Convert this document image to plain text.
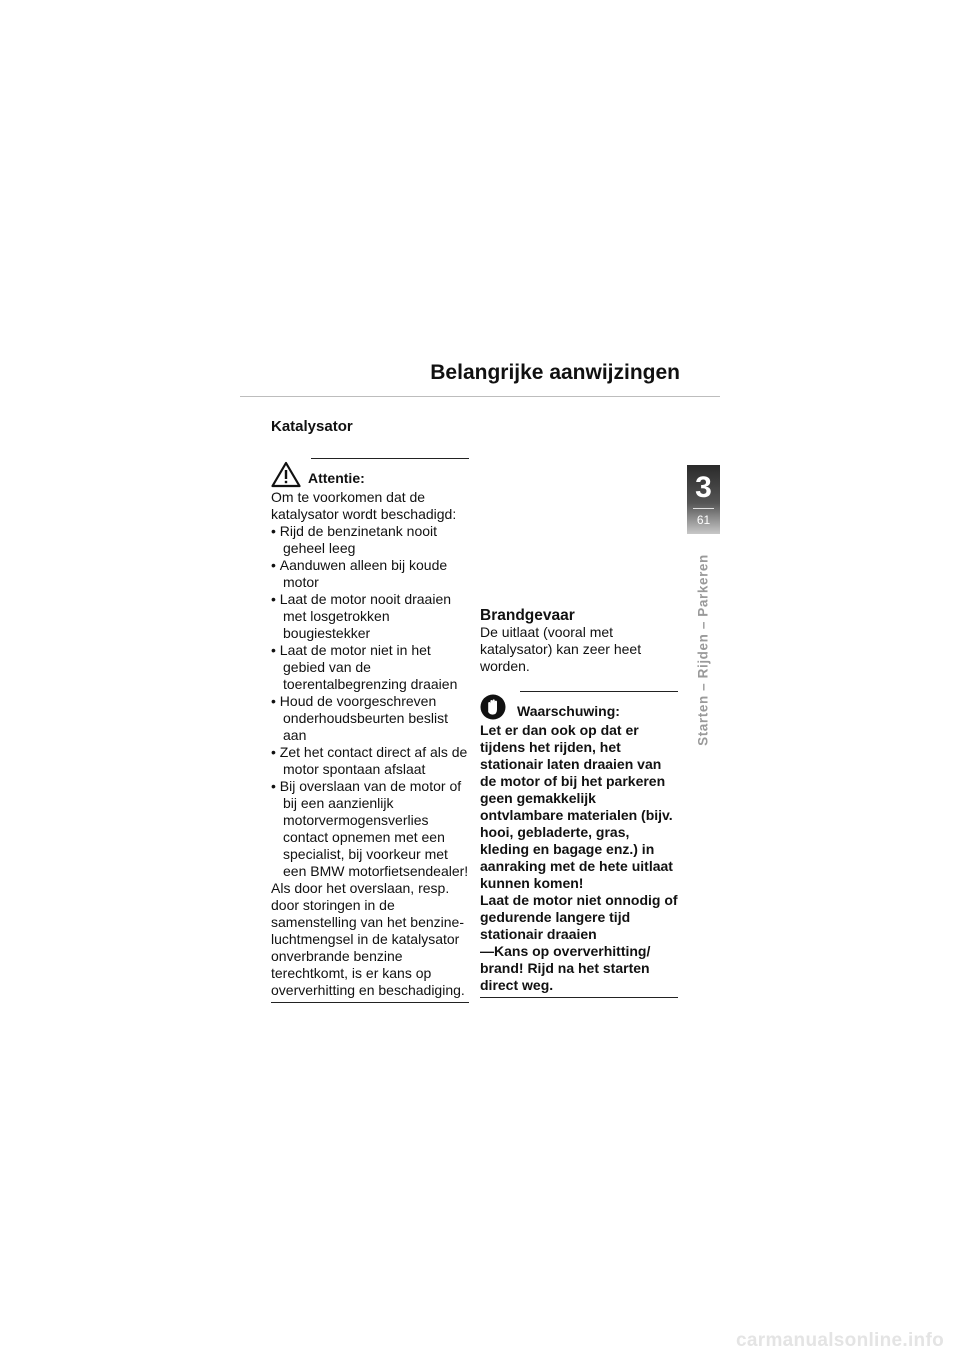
Belangrijke aanwijzingen
3
61
Starten – Rijden – Parkeren

Katalysator

Attentie:

Om te voorkomen dat de katalysator wordt beschadigd:

• Rijd de benzinetank nooit geheel leeg
• Aanduwen alleen bij koude motor
• Laat de motor nooit draaien met losgetrokken bougiestekker
• Laat de motor niet in het gebied van de toerentalbegrenzing draaien
• Houd de voorgeschreven onderhoudsbeurten beslist aan
• Zet het contact direct af als de motor spontaan afslaat
• Bij overslaan van de motor of bij een aanzienlijk motorvermogensverlies contact opnemen met een specialist, bij voorkeur met een BMW motorfietsendealer!

Als door het overslaan, resp. door storingen in de samenstelling van het benzine-luchtmengsel in de katalysator onverbrande benzine terechtkomt, is er kans op oververhitting en beschadiging.

Brandgevaar

De uitlaat (vooral met katalysator) kan zeer heet worden.

Waarschuwing:

Let er dan ook op dat er tijdens het rijden, het stationair laten draaien van de motor of bij het parkeren geen gemakkelijk ontvlambare materialen (bijv. hooi, gebladerte, gras, kleding en bagage enz.) in aanraking met de hete uitlaat kunnen komen!

Laat de motor niet onnodig of gedurende langere tijd stationair draaien

—Kans op oververhitting/ brand! Rijd na het starten direct weg.

carmanualsonline.info
